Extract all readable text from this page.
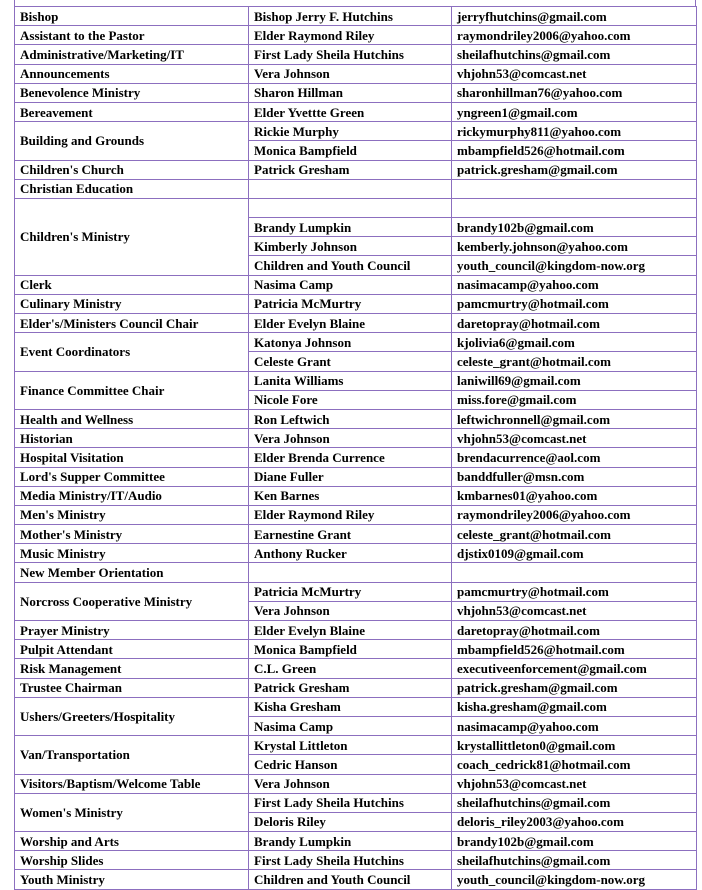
Bishop	Bishop Jerry F. Hutchins	jerryfhutchins@gmail.com
Assistant to the Pastor	Elder Raymond Riley	raymondriley2006@yahoo.com
Administrative/Marketing/IT	First Lady Sheila Hutchins	sheilafhutchins@gmail.com
Announcements	Vera Johnson	vhjohn53@comcast.net
Benevolence Ministry	Sharon Hillman	sharonhillman76@yahoo.com
Bereavement	Elder Yvettte Green	yngreen1@gmail.com
Building and Grounds	Rickie Murphy	rickymurphy811@yahoo.com
	Monica Bampfield	mbampfield526@hotmail.com
Children's Church	Patrick Gresham	patrick.gresham@gmail.com
Christian Education		
Children's Ministry		
	Brandy Lumpkin	brandy102b@gmail.com
	Kimberly Johnson	kemberly.johnson@yahoo.com
	Children and Youth Council	youth_council@kingdom-now.org
Clerk	Nasima Camp	nasimacamp@yahoo.com
Culinary Ministry	Patricia McMurtry	pamcmurtry@hotmail.com
Elder's/Ministers Council Chair	Elder Evelyn Blaine	daretopray@hotmail.com
Event Coordinators	Katonya Johnson	kjolivia6@gmail.com
	Celeste Grant	celeste_grant@hotmail.com
Finance Committee Chair	Lanita Williams	laniwill69@gmail.com
	Nicole Fore	miss.fore@gmail.com
Health and Wellness	Ron Leftwich	leftwichronnell@gmail.com
Historian	Vera Johnson	vhjohn53@comcast.net
Hospital Visitation	Elder Brenda Currence	brendacurrence@aol.com
Lord's Supper Committee	Diane Fuller	banddfuller@msn.com
Media Ministry/IT/Audio	Ken Barnes	kmbarnes01@yahoo.com
Men's Ministry	Elder Raymond Riley	raymondriley2006@yahoo.com
Mother's Ministry	Earnestine Grant	celeste_grant@hotmail.com
Music Ministry	Anthony Rucker	djstix0109@gmail.com
New Member Orientation		
Norcross Cooperative Ministry	Patricia McMurtry	pamcmurtry@hotmail.com
	Vera Johnson	vhjohn53@comcast.net
Prayer Ministry	Elder Evelyn Blaine	daretopray@hotmail.com
Pulpit Attendant	Monica Bampfield	mbampfield526@hotmail.com
Risk Management	C.L. Green	executiveenforcement@gmail.com
Trustee Chairman	Patrick Gresham	patrick.gresham@gmail.com
Ushers/Greeters/Hospitality	Kisha Gresham	kisha.gresham@gmail.com
	Nasima Camp	nasimacamp@yahoo.com
Van/Transportation	Krystal Littleton	krystallittleton0@gmail.com
	Cedric Hanson	coach_cedrick81@hotmail.com
Visitors/Baptism/Welcome Table	Vera Johnson	vhjohn53@comcast.net
Women's Ministry	First Lady Sheila Hutchins	sheilafhutchins@gmail.com
	Deloris Riley	deloris_riley2003@yahoo.com
Worship and Arts	Brandy Lumpkin	brandy102b@gmail.com
Worship Slides	First Lady Sheila Hutchins	sheilafhutchins@gmail.com
Youth Ministry	Children and Youth Council	youth_council@kingdom-now.org
